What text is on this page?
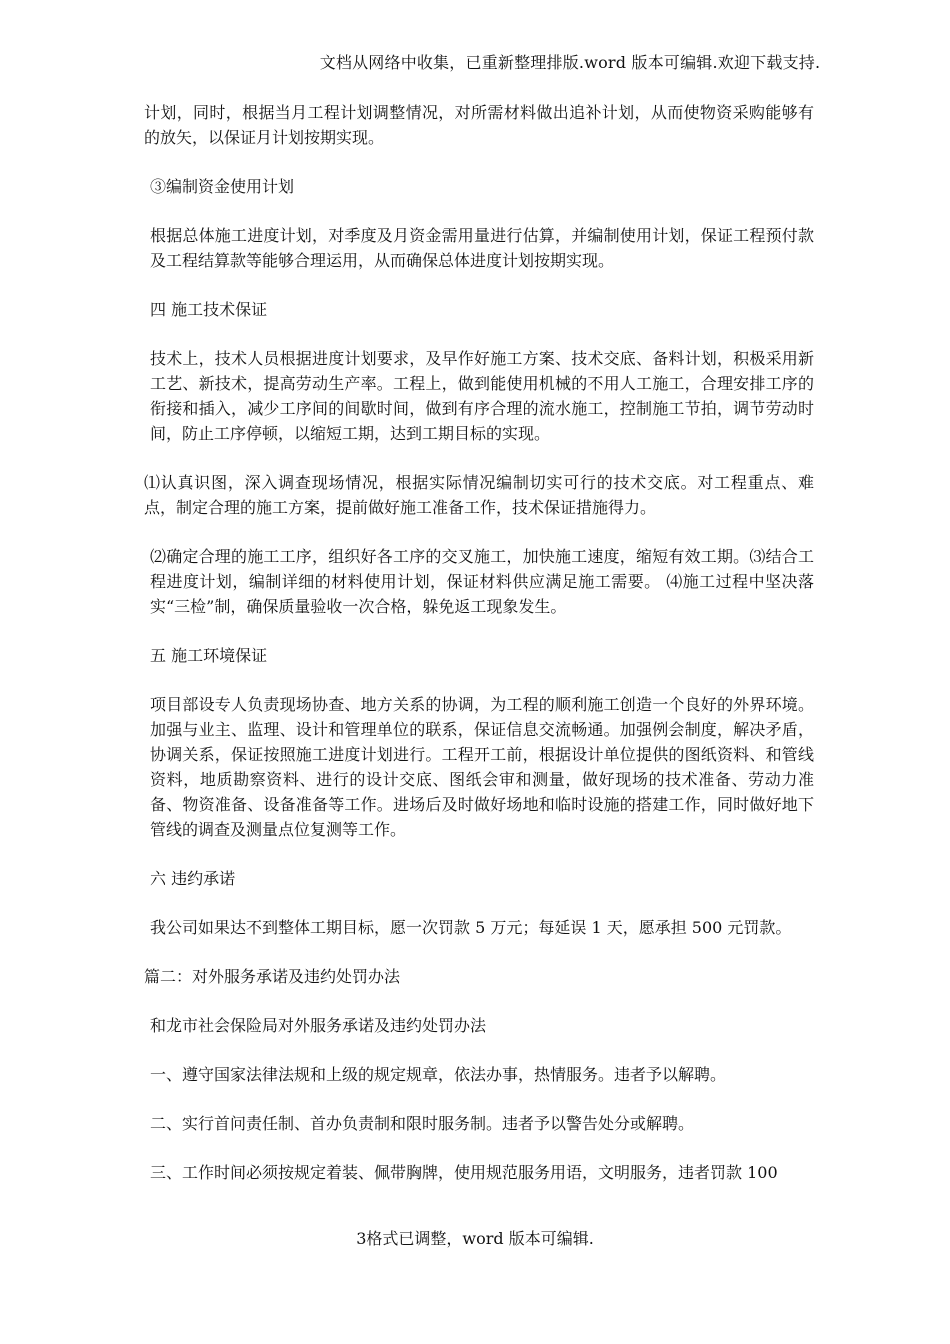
文档从网络中收集，已重新整理排版.word 版本可编辑.欢迎下载支持.

计划，同时，根据当月工程计划调整情况，对所需材料做出追补计划，从而使物资采购能够有的放矢，以保证月计划按期实现。

③编制资金使用计划

根据总体施工进度计划，对季度及月资金需用量进行估算，并编制使用计划，保证工程预付款及工程结算款等能够合理运用，从而确保总体进度计划按期实现。

四 施工技术保证

技术上，技术人员根据进度计划要求，及早作好施工方案、技术交底、备料计划，积极采用新工艺、新技术，提高劳动生产率。工程上，做到能使用机械的不用人工施工，合理安排工序的衔接和插入，减少工序间的间歇时间，做到有序合理的流水施工，控制施工节拍，调节劳动时间，防止工序停顿，以缩短工期，达到工期目标的实现。

⑴认真识图，深入调查现场情况，根据实际情况编制切实可行的技术交底。对工程重点、难点，制定合理的施工方案，提前做好施工准备工作，技术保证措施得力。

⑵确定合理的施工工序，组织好各工序的交叉施工，加快施工速度，缩短有效工期。⑶结合工程进度计划，编制详细的材料使用计划，保证材料供应满足施工需要。 ⑷施工过程中坚决落实“三检”制，确保质量验收一次合格，躲免返工现象发生。

五 施工环境保证

项目部设专人负责现场协查、地方关系的协调，为工程的顺利施工创造一个良好的外界环境。加强与业主、监理、设计和管理单位的联系，保证信息交流畅通。加强例会制度，解决矛盾，协调关系，保证按照施工进度计划进行。工程开工前，根据设计单位提供的图纸资料、和管线资料，地质勘察资料、进行的设计交底、图纸会审和测量，做好现场的技术准备、劳动力准备、物资准备、设备准备等工作。进场后及时做好场地和临时设施的搭建工作，同时做好地下管线的调查及测量点位复测等工作。

六 违约承诺

我公司如果达不到整体工期目标，愿一次罚款 5 万元；每延误 1 天，愿承担 500 元罚款。

篇二：对外服务承诺及违约处罚办法

和龙市社会保险局对外服务承诺及违约处罚办法

一、遵守国家法律法规和上级的规定规章，依法办事，热情服务。违者予以解聘。

二、实行首问责任制、首办负责制和限时服务制。违者予以警告处分或解聘。

三、工作时间必须按规定着装、佩带胸牌，使用规范服务用语，文明服务，违者罚款 100

3格式已调整，word 版本可编辑.
